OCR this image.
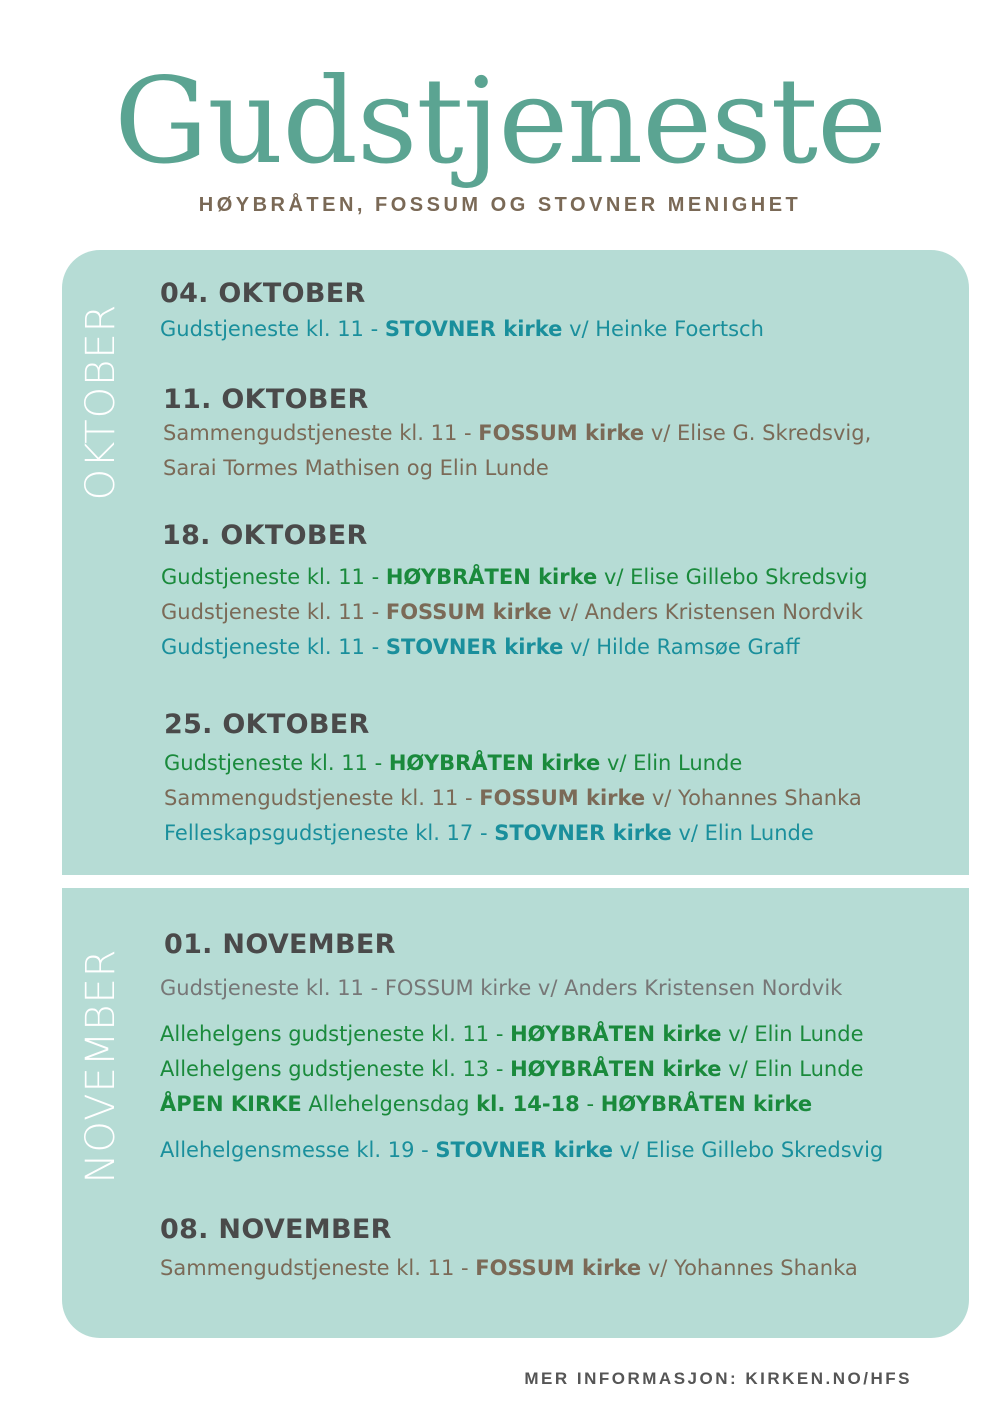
Gudstjeneste
HØYBRÅTEN, FOSSUM OG STOVNER MENIGHET
OKTOBER
NOVEMBER
04. OKTOBER
Gudstjeneste kl. 11 - STOVNER kirke v/ Heinke Foertsch
11. OKTOBER
Sammengudstjeneste kl. 11 - FOSSUM kirke v/ Elise G. Skredsvig,
Sarai Tormes Mathisen og Elin Lunde
18. OKTOBER
Gudstjeneste kl. 11 - HØYBRÅTEN kirke v/ Elise Gillebo Skredsvig
Gudstjeneste kl. 11 - FOSSUM kirke v/ Anders Kristensen Nordvik
Gudstjeneste kl. 11 - STOVNER kirke v/ Hilde Ramsøe Graff
25. OKTOBER
Gudstjeneste kl. 11 - HØYBRÅTEN kirke v/ Elin Lunde
Sammengudstjeneste kl. 11 - FOSSUM kirke v/ Yohannes Shanka
Felleskapsgudstjeneste kl. 17 - STOVNER kirke v/ Elin Lunde
01. NOVEMBER
Gudstjeneste kl. 11 - FOSSUM kirke v/ Anders Kristensen Nordvik
Allehelgens gudstjeneste kl. 11 - HØYBRÅTEN kirke v/ Elin Lunde
Allehelgens gudstjeneste kl. 13 - HØYBRÅTEN kirke v/ Elin Lunde
ÅPEN KIRKE Allehelgensdag kl. 14-18 - HØYBRÅTEN kirke
Allehelgensmesse kl. 19 - STOVNER kirke v/ Elise Gillebo Skredsvig
08. NOVEMBER
Sammengudstjeneste kl. 11 - FOSSUM kirke v/ Yohannes Shanka
MER INFORMASJON: KIRKEN.NO/HFS
